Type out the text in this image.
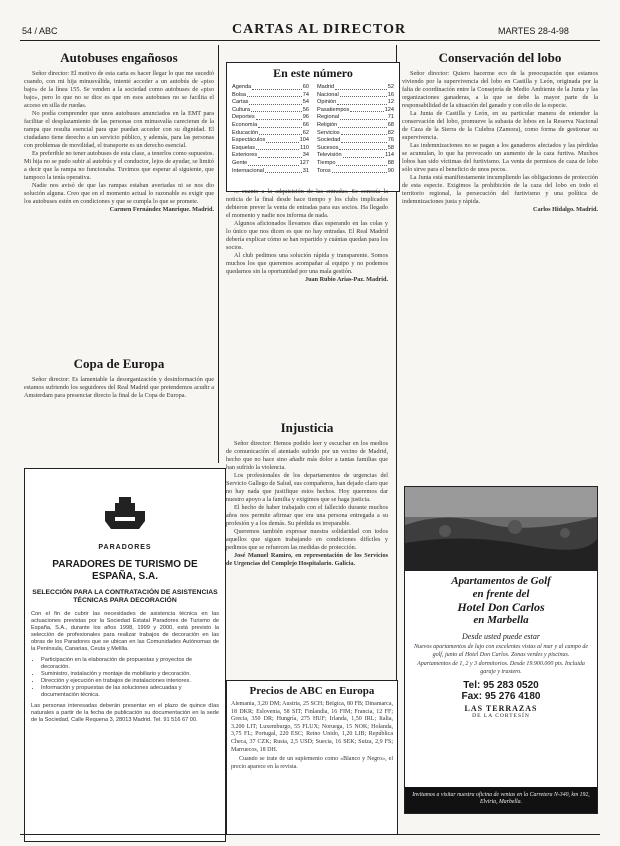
54 / ABC	CARTAS AL DIRECTOR	MARTES 28-4-98
Autobuses engañosos

Señor director: El motivo de esta carta es hacer llegar lo que me sucedió cuando, con mi hija minusválida, intenté acceder a un autobús de «piso bajo» de la línea 155. Se venden a la sociedad como autobuses de «piso bajo», pero lo que no se dice es que en esos autobuses no se facilita el acceso en silla de ruedas.

No podía comprender que unos autobuses anunciados en la EMT para facilitar el desplazamiento de las personas con minusvalía carecieran de la rampa que resulta esencial para que puedan acceder con su dignidad. El ciudadano tiene derecho a un servicio público, y además, para las personas con problemas de movilidad, el transporte es un derecho esencial.

Es preferible no tener autobuses de esta clase, a tenerlos como supuestos. Mi hija no se pudo subir al autobús y el conductor, lejos de ayudar, se limitó a decir que la rampa no funcionaba. Tuvimos que esperar al siguiente, que tampoco la tenía operativa.

Nadie nos avisó de que las rampas estaban averiadas ni se nos dio solución alguna. Creo que en el momento actual lo razonable es exigir que los autobuses estén en condiciones y que se cumpla lo que se promete.

Carmen Fernández Manrique. Madrid.

Copa de Europa

Señor director: Es lamentable la desorganización y desinformación que estamos sufriendo los seguidores del Real Madrid que pretendemos acudir a Amsterdam para presenciar directo la final de la Copa de Europa.

PARADORES
PARADORES DE TURISMO DE ESPAÑA, S.A.
SELECCIÓN PARA LA CONTRATACIÓN DE ASISTENCIAS TÉCNICAS PARA DECORACIÓN
Con el fin de cubrir las necesidades de asistencia técnica en las actuaciones previstas por la Sociedad Estatal Paradores de Turismo de España, S.A., durante los años 1998, 1999 y 2000, está previsto la selección de profesionales para realizar trabajos de decoración en las obras de los Paradores que se ubican en las Comunidades Autónomas de la Península, Canarias, Ceuta y Melilla.
• Participación en la elaboración de propuestas y proyectos de decoración.
• Suministro, instalación y montaje de mobiliario y decoración.
• Dirección y ejecución en trabajos de instalaciones interiores.
• Información y propuestas de las soluciones adecuadas y documentación técnica.
Las personas interesadas deberán presentar en el plazo de quince días naturales a partir de la fecha de publicación su documentación en la sede de la Sociedad, Calle Requena 3, 28013 Madrid. Tel. 91 516 67 00.
En este número
Agenda	60
Bolsa	74
Cartas	54
Cultura	56
Deportes	96
Economía	66
Educación	62
Espectáculos	104
Esquelas	110
Exteriores	34
Gente	127
Internacional	31
Madrid	52
Nacional	16
Opinión	12
Pasatiempos	124
Regional	71
Religión	68
Servicios	82
Sociedad	76
Sucesos	58
Televisión	114
Tiempo	88
Toros	90

... cuanto a la adquisición de las entradas. Se conocía la noticia de la final desde hace tiempo y los clubs implicados debieron prever la venta de entradas para sus socios. Ha llegado el momento y nadie nos informa de nada.

Algunos aficionados llevamos días esperando en las colas y lo único que nos dicen es que no hay entradas. El Real Madrid debería explicar cómo se han repartido y cuántas quedan para los socios.

Al club pedimos una solución rápida y transparente. Somos muchos los que queremos acompañar al equipo y no podemos quedarnos sin la oportunidad por una mala gestión.

Juan Rubio Arias-Paz. Madrid.

Injusticia

Señor director: Hemos podido leer y escuchar en los medios de comunicación el atentado sufrido por un vecino de Madrid, hecho que no hace sino añadir más dolor a tantas familias que han sufrido la violencia.

Los profesionales de los departamentos de urgencias del Servicio Gallego de Salud, sus compañeros, han dejado claro que no hay nada que justifique estos hechos. Hoy queremos dar nuestro apoyo a la familia y exigimos que se haga justicia.

El hecho de haber trabajado con el fallecido durante muchos años nos permite afirmar que era una persona entregada a su profesión y a los demás. Su pérdida es irreparable.

Queremos también expresar nuestra solidaridad con todos aquellos que siguen trabajando en condiciones difíciles y pedimos que se refuercen las medidas de protección.

José Manuel Ramiro, en representación de los Servicios de Urgencias del Complejo Hospitalario. Galicia.

Precios de ABC en Europa
Alemania, 3,20 DM; Austria, 25 SCH; Bélgica, 80 FB; Dinamarca, 18 DKR; Eslovenia, 58 SIT; Finlandia, 16 FIM; Francia, 12 FF; Grecia, 350 DR; Hungría, 275 HUF; Irlanda, 1,50 IRL; Italia, 3.200 LIT; Luxemburgo, 55 FLUX; Noruega, 15 NOK; Holanda, 3,75 FL; Portugal, 220 ESC; Reino Unido, 1,20 LIB; República Checa, 37 CZK; Rusia, 2,5 USD; Suecia, 16 SEK; Suiza, 2,9 FS; Marruecos, 18 DH.
Cuando se trate de un suplemento como «Blanco y Negro», el precio aparece en la revista.
Conservación del lobo

Señor director: Quiero hacerme eco de la preocupación que estamos viviendo por la supervivencia del lobo en Castilla y León, originada por la falta de coordinación entre la Consejería de Medio Ambiente de la Junta y las organizaciones ganaderas, a la que se debe la mayor parte de la responsabilidad de la situación del ganado y con ello de la especie.

La Junta de Castilla y León, en su particular manera de entender la conservación del lobo, promueve la subasta de lobos en la Reserva Nacional de Caza de la Sierra de la Culebra (Zamora), como forma de gestionar su supervivencia.

Las indemnizaciones no se pagan a los ganaderos afectados y las pérdidas se acumulan, lo que ha provocado un aumento de la caza furtiva. Muchos lobos han sido víctimas del furtivismo. La venta de permisos de caza de lobo sólo sirve para el beneficio de unos pocos.

La Junta está manifiestamente incumpliendo las obligaciones de protección de esta especie. Exigimos la prohibición de la caza del lobo en todo el territorio regional, la persecución del furtivismo y una política de indemnizaciones justa y rápida.

Carlos Hidalgo. Madrid.

Apartamentos de Golf
en frente del
Hotel Don Carlos
en Marbella
Desde usted puede estar
Nuevos apartamentos de lujo con excelentes vistas al mar y al campo de golf, junto al Hotel Don Carlos. Zonas verdes y piscinas.
Apartamentos de 1, 2 y 3 dormitorios. Desde 19.900.000 pts. Incluida garaje y trastero.
Tel: 95 283 0520
Fax: 95 276 4180
LAS TERRAZAS
DE LA CORTESÍN
Invitamos a visitar nuestra oficina de ventas en la Carretera N-340, km 192, Elviria, Marbella.
